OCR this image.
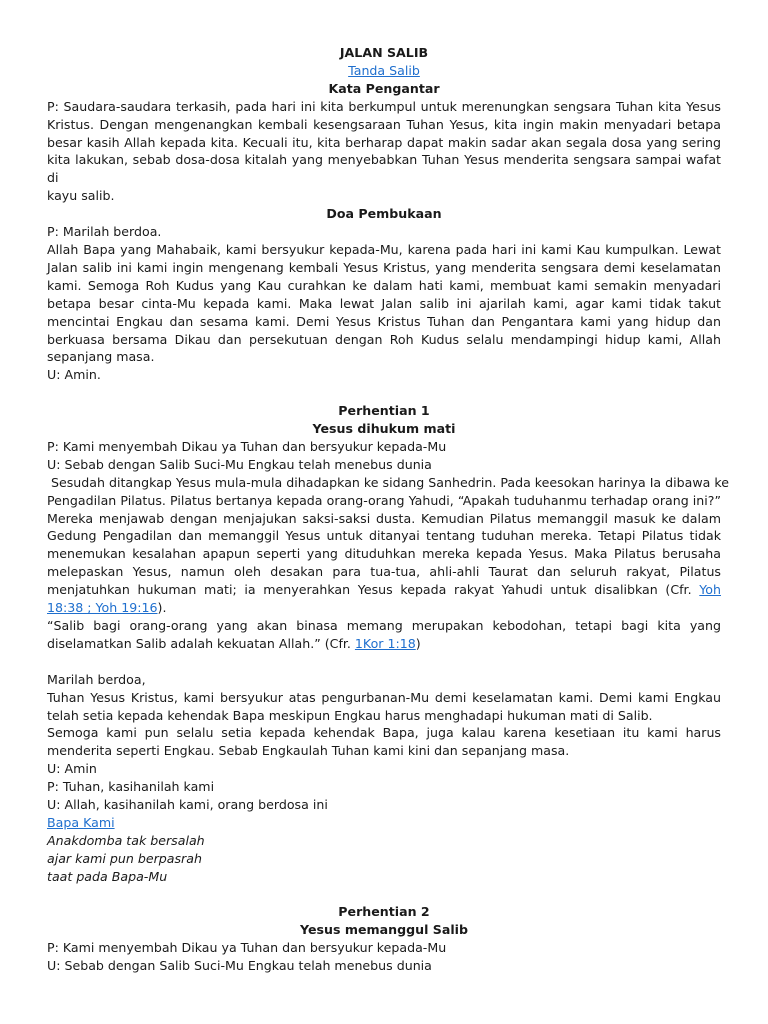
JALAN SALIB
Tanda Salib
Kata Pengantar
P: Saudara-saudara terkasih, pada hari ini kita berkumpul untuk merenungkan sengsara Tuhan kita Yesus
Kristus. Dengan mengenangkan kembali kesengsaraan Tuhan Yesus, kita ingin makin menyadari betapa
besar kasih Allah kepada kita. Kecuali itu, kita berharap dapat makin sadar akan segala dosa yang sering
kita lakukan, sebab dosa-dosa kitalah yang menyebabkan Tuhan Yesus menderita sengsara sampai wafat di
kayu salib.
Doa Pembukaan
P: Marilah berdoa.
Allah Bapa yang Mahabaik, kami bersyukur kepada-Mu, karena pada hari ini kami Kau kumpulkan. Lewat
Jalan salib ini kami ingin mengenang kembali Yesus Kristus, yang menderita sengsara demi keselamatan
kami. Semoga Roh Kudus yang Kau curahkan ke dalam hati kami, membuat kami semakin menyadari
betapa besar cinta-Mu kepada kami. Maka lewat Jalan salib ini ajarilah kami, agar kami tidak takut
mencintai Engkau dan sesama kami. Demi Yesus Kristus Tuhan dan Pengantara kami yang hidup dan
berkuasa bersama Dikau dan persekutuan dengan Roh Kudus selalu mendampingi hidup kami, Allah
sepanjang masa.
U: Amin.
Perhentian 1
Yesus dihukum mati
P: Kami menyembah Dikau ya Tuhan dan bersyukur kepada-Mu
U: Sebab dengan Salib Suci-Mu Engkau telah menebus dunia
Sesudah ditangkap Yesus mula-mula dihadapkan ke sidang Sanhedrin. Pada keesokan harinya Ia dibawa ke
Pengadilan Pilatus. Pilatus bertanya kepada orang-orang Yahudi, “Apakah tuduhanmu terhadap orang ini?”
Mereka menjawab dengan menjajukan saksi-saksi dusta. Kemudian Pilatus memanggil masuk ke dalam
Gedung Pengadilan dan memanggil Yesus untuk ditanyai tentang tuduhan mereka. Tetapi Pilatus tidak
menemukan kesalahan apapun seperti yang dituduhkan mereka kepada Yesus. Maka Pilatus berusaha
melepaskan Yesus, namun oleh desakan para tua-tua, ahli-ahli Taurat dan seluruh rakyat, Pilatus
menjatuhkan hukuman mati; ia menyerahkan Yesus kepada rakyat Yahudi untuk disalibkan (Cfr. Yoh
18:38 ; Yoh 19:16).
“Salib bagi orang-orang yang akan binasa memang merupakan kebodohan, tetapi bagi kita yang
diselamatkan Salib adalah kekuatan Allah.” (Cfr. 1Kor 1:18)
Marilah berdoa,
Tuhan Yesus Kristus, kami bersyukur atas pengurbanan-Mu demi keselamatan kami. Demi kami Engkau
telah setia kepada kehendak Bapa meskipun Engkau harus menghadapi hukuman mati di Salib.
Semoga kami pun selalu setia kepada kehendak Bapa, juga kalau karena kesetiaan itu kami harus
menderita seperti Engkau. Sebab Engkaulah Tuhan kami kini dan sepanjang masa.
U: Amin
P: Tuhan, kasihanilah kami
U: Allah, kasihanilah kami, orang berdosa ini
Bapa Kami
Anakdomba tak bersalah
ajar kami pun berpasrah
taat pada Bapa-Mu
Perhentian 2
Yesus memanggul Salib
P: Kami menyembah Dikau ya Tuhan dan bersyukur kepada-Mu
U: Sebab dengan Salib Suci-Mu Engkau telah menebus dunia
